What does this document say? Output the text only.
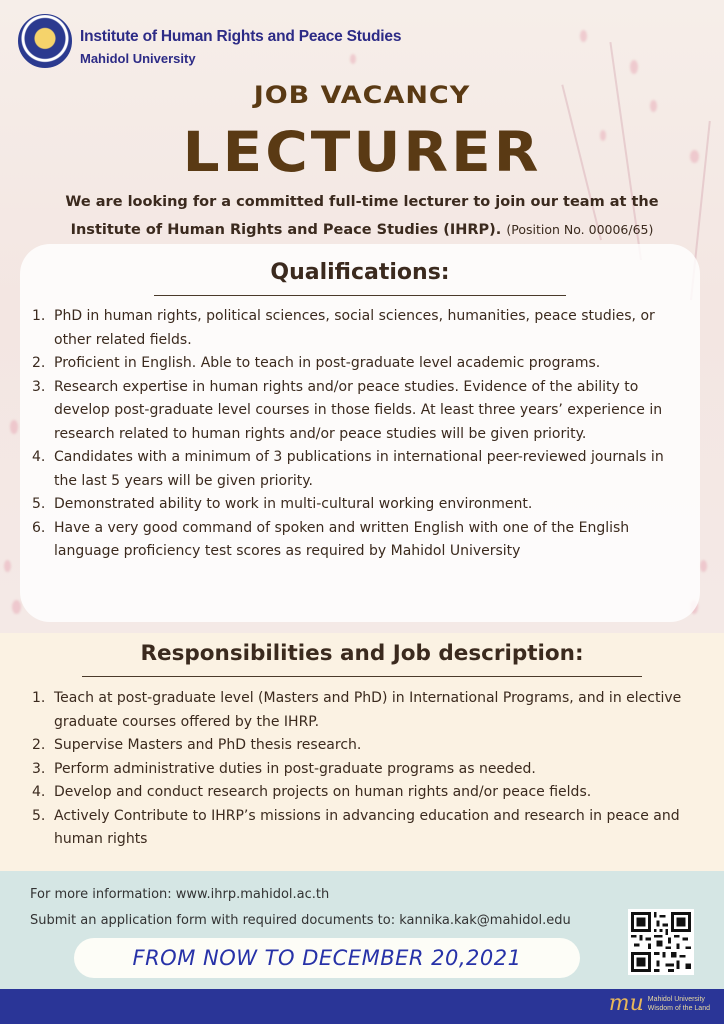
Institute of Human Rights and Peace Studies
Mahidol University
JOB VACANCY
LECTURER
We are looking for a committed full-time lecturer to join our team at the
Institute of Human Rights and Peace Studies (IHRP). (Position No. 00006/65)
Qualifications:
1. PhD in human rights, political sciences, social sciences, humanities, peace studies, or other related fields.
2. Proficient in English. Able to teach in post-graduate level academic programs.
3. Research expertise in human rights and/or peace studies. Evidence of the ability to develop post-graduate level courses in those fields. At least three years’ experience in research related to human rights and/or peace studies will be given priority.
4. Candidates with a minimum of 3 publications in international peer-reviewed journals in the last 5 years will be given priority.
5. Demonstrated ability to work in multi-cultural working environment.
6. Have a very good command of spoken and written English with one of the English language proficiency test scores as required by Mahidol University
Responsibilities and Job description:
1. Teach at post-graduate level (Masters and PhD) in International Programs, and in elective graduate courses offered by the IHRP.
2. Supervise Masters and PhD thesis research.
3. Perform administrative duties in post-graduate programs as needed.
4. Develop and conduct research projects on human rights and/or peace fields.
5. Actively Contribute to IHRP’s missions in advancing education and research in peace and human rights
For more information: www.ihrp.mahidol.ac.th
Submit an application form with required documents to: kannika.kak@mahidol.edu
FROM NOW TO DECEMBER 20,2021
mu Mahidol University
Wisdom of the Land
